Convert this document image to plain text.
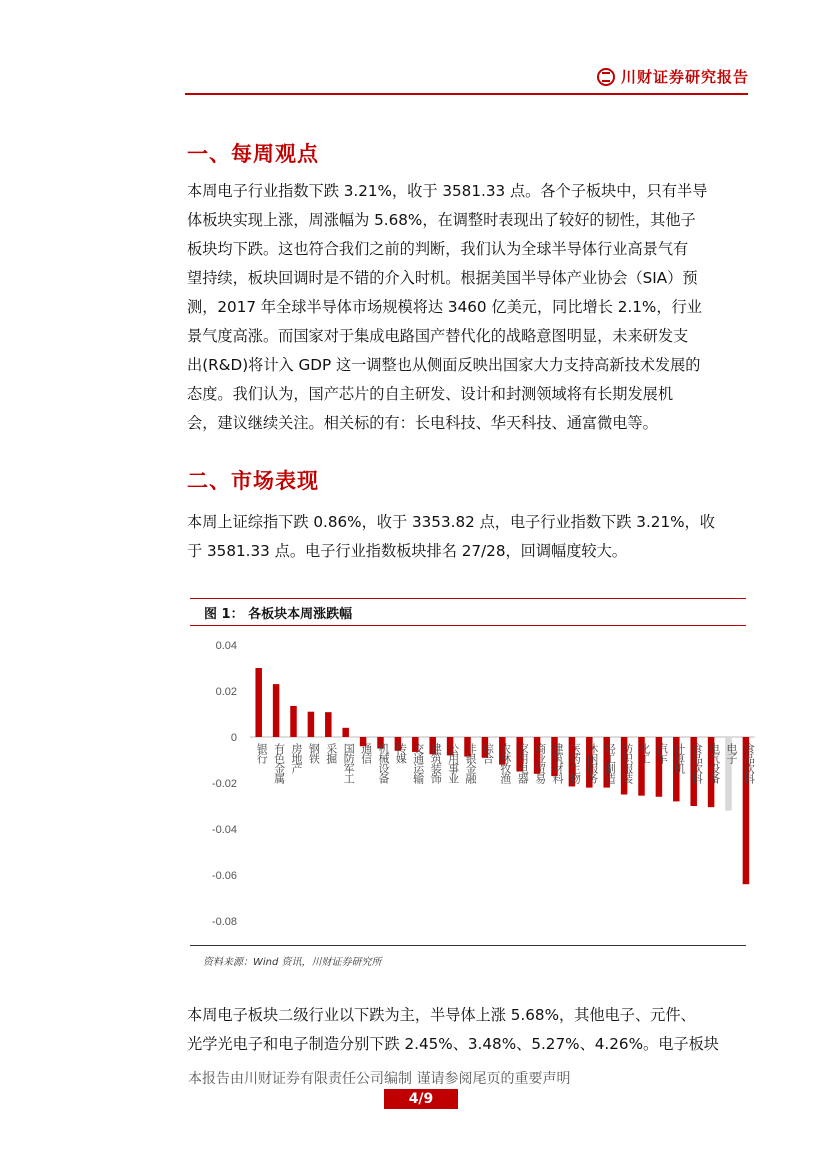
川财证券研究报告
一、每周观点
本周电子行业指数下跌 3.21%，收于 3581.33 点。各个子板块中，只有半导
体板块实现上涨，周涨幅为 5.68%，在调整时表现出了较好的韧性，其他子
板块均下跌。这也符合我们之前的判断，我们认为全球半导体行业高景气有
望持续，板块回调时是不错的介入时机。根据美国半导体产业协会（SIA）预
测，2017 年全球半导体市场规模将达 3460 亿美元，同比增长 2.1%，行业
景气度高涨。而国家对于集成电路国产替代化的战略意图明显，未来研发支
出(R&D)将计入 GDP 这一调整也从侧面反映出国家大力支持高新技术发展的
态度。我们认为，国产芯片的自主研发、设计和封测领域将有长期发展机
会，建议继续关注。相关标的有：长电科技、华天科技、通富微电等。
二、市场表现
本周上证综指下跌 0.86%，收于 3353.82 点，电子行业指数下跌 3.21%，收
于 3581.33 点。电子行业指数板块排名 27/28，回调幅度较大。
图 1： 各板块本周涨跌幅
0.04
0.02
0
-0.02
-0.04
-0.06
-0.08
银行 有色金属 房地产 钢铁 采掘 国防军工 通信 机械设备 传媒 交通运输 建筑装饰 公用事业 非银金融 综合 农林牧渔 家用电器 商业贸易 建筑材料 医药生物 休闲服务 轻工制造 纺织服装 化工 汽车 计算机 食品饮料 电气设备 电子 食品饮料
资料来源：Wind 资讯，川财证券研究所
本周电子板块二级行业以下跌为主，半导体上涨 5.68%，其他电子、元件、
光学光电子和电子制造分别下跌 2.45%、3.48%、5.27%、4.26%。电子板块
本报告由川财证券有限责任公司编制 谨请参阅尾页的重要声明
4/9
